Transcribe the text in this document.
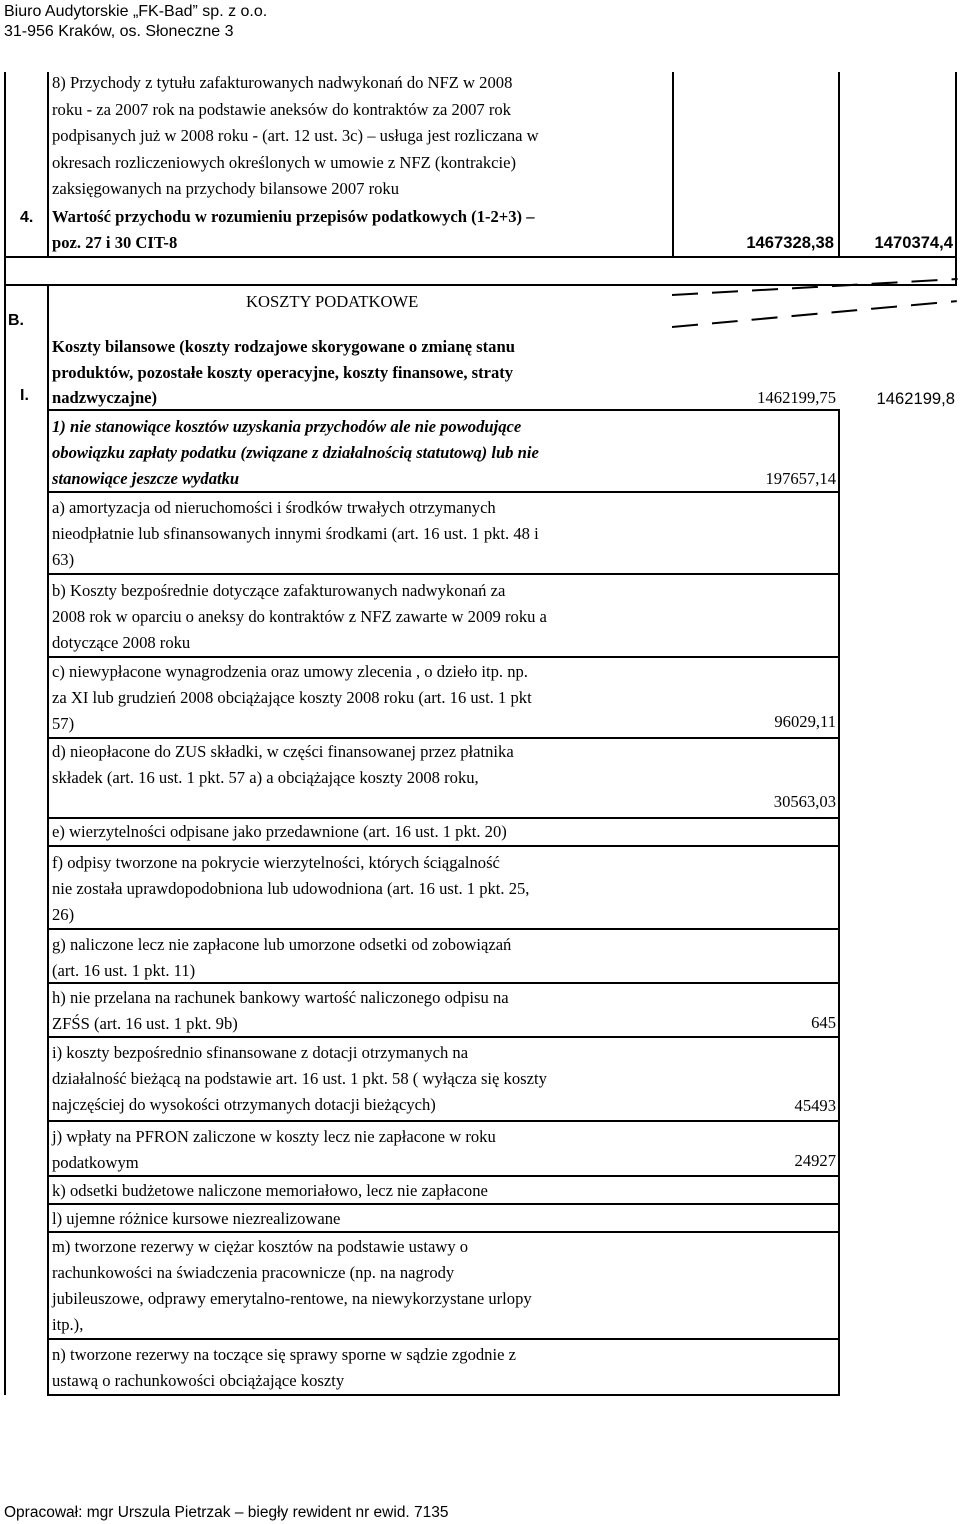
Biuro Audytorskie „FK-Bad” sp. z o.o.
31-956 Kraków, os. Słoneczne 3
8) Przychody z tytułu zafakturowanych nadwykonań do NFZ w 2008
roku - za 2007 rok na podstawie aneksów do kontraktów za 2007 rok
podpisanych już w 2008 roku - (art. 12 ust. 3c) – usługa jest rozliczana w
okresach rozliczeniowych określonych w umowie z NFZ (kontrakcie)
zaksięgowanych na przychody bilansowe 2007 roku
4. Wartość przychodu w rozumieniu przepisów podatkowych (1-2+3) –
poz. 27 i 30 CIT-8	1467328,38	1470374,4
B.
KOSZTY PODATKOWE
I.
Koszty bilansowe (koszty rodzajowe skorygowane o zmianę stanu
produktów, pozostałe koszty operacyjne, koszty finansowe, straty
nadzwyczajne)	1462199,75	1462199,8
1) nie stanowiące kosztów uzyskania przychodów ale nie powodujące
obowiązku zapłaty podatku (związane z działalnością statutową) lub nie
stanowiące jeszcze wydatku	197657,14
a) amortyzacja od nieruchomości i środków trwałych otrzymanych
nieodpłatnie lub sfinansowanych innymi środkami (art. 16 ust. 1 pkt. 48 i
63)
b) Koszty bezpośrednie dotyczące zafakturowanych nadwykonań za
2008 rok w oparciu o aneksy do kontraktów z NFZ zawarte w 2009 roku a
dotyczące 2008 roku
c) niewypłacone wynagrodzenia oraz umowy zlecenia , o dzieło itp. np.
za XI lub grudzień 2008 obciążające koszty 2008 roku (art. 16 ust. 1 pkt
57)	96029,11
d) nieopłacone do ZUS składki, w części finansowanej przez płatnika
składek (art. 16 ust. 1 pkt. 57 a) a obciążające koszty 2008 roku,
30563,03
e) wierzytelności odpisane jako przedawnione (art. 16 ust. 1 pkt. 20)
f) odpisy tworzone na pokrycie wierzytelności, których ściągalność
nie została uprawdopodobniona lub udowodniona (art. 16 ust. 1 pkt. 25,
26)
g) naliczone lecz nie zapłacone lub umorzone odsetki od zobowiązań
(art. 16 ust. 1 pkt. 11)
h) nie przelana na rachunek bankowy wartość naliczonego odpisu na
ZFŚS (art. 16 ust. 1 pkt. 9b)	645
i) koszty bezpośrednio sfinansowane z dotacji otrzymanych na
działalność bieżącą na podstawie art. 16 ust. 1 pkt. 58 ( wyłącza się koszty
najczęściej do wysokości otrzymanych dotacji bieżących)	45493
j) wpłaty na PFRON zaliczone w koszty lecz nie zapłacone w roku
podatkowym	24927
k) odsetki budżetowe naliczone memoriałowo, lecz nie zapłacone
l) ujemne różnice kursowe niezrealizowane
m) tworzone rezerwy w ciężar kosztów na podstawie ustawy o
rachunkowości na świadczenia pracownicze (np. na nagrody
jubileuszowe, odprawy emerytalno-rentowe, na niewykorzystane urlopy
itp.),
n) tworzone rezerwy na toczące się sprawy sporne w sądzie zgodnie z
ustawą o rachunkowości obciążające koszty
Opracował: mgr Urszula Pietrzak – biegły rewident nr ewid. 7135
